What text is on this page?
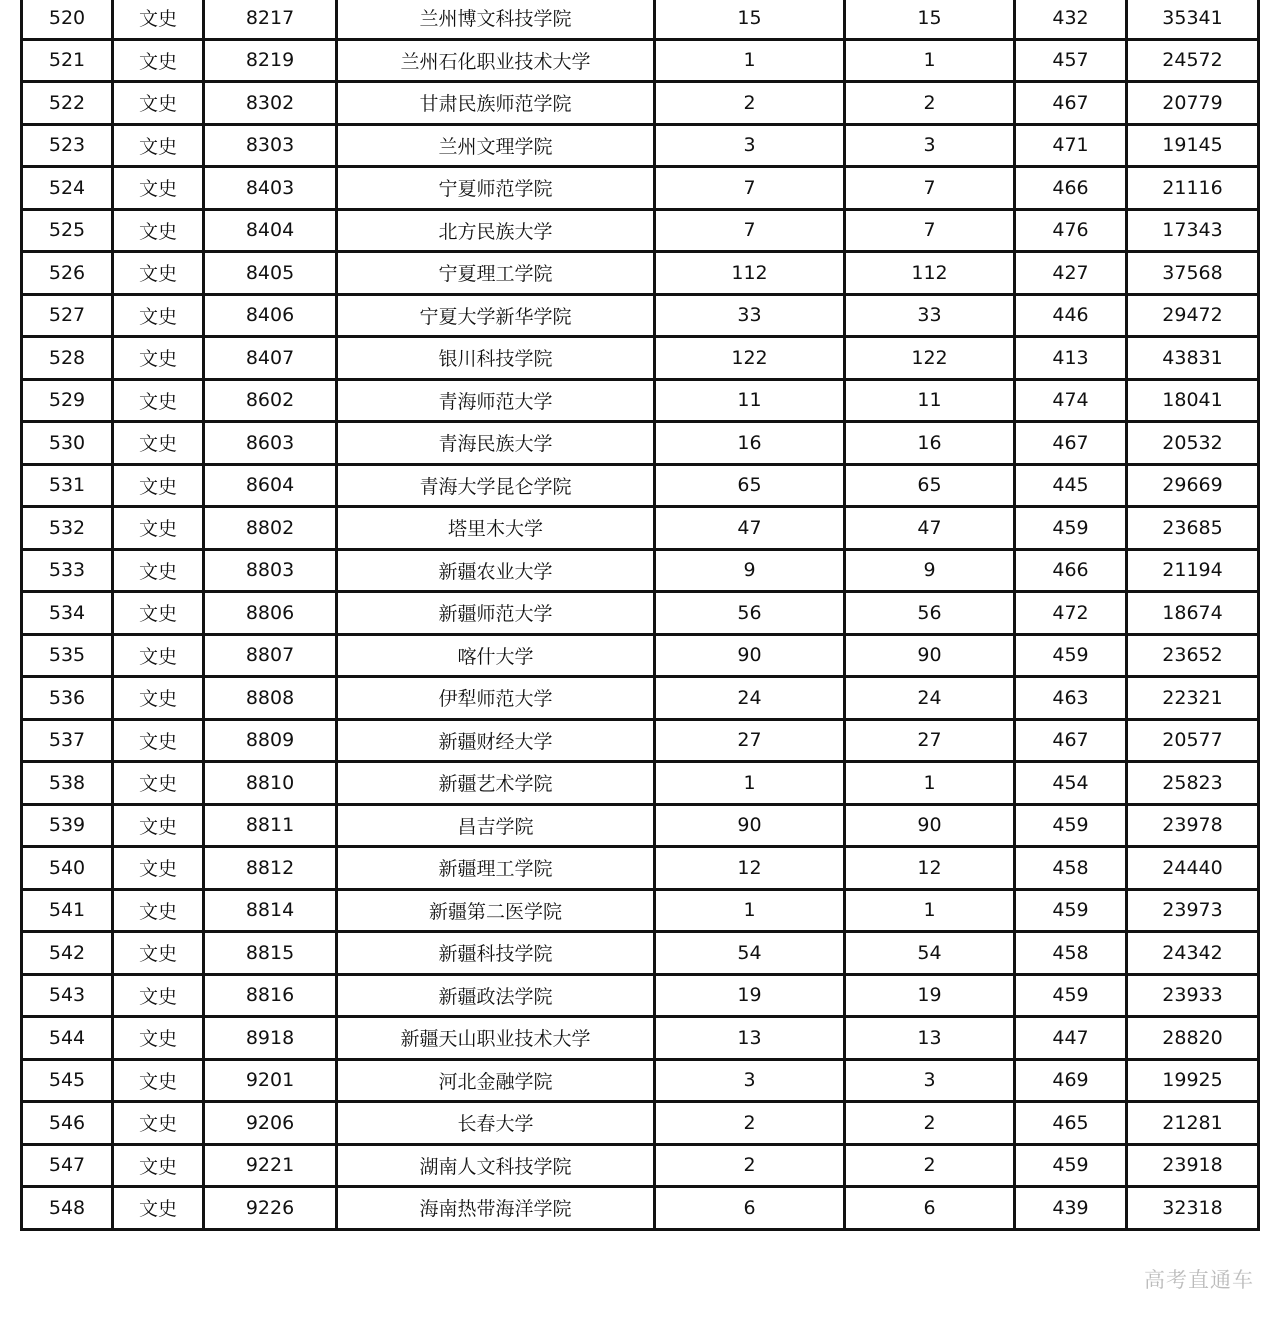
520	文史	8217	兰州博文科技学院	15	15	432	35341
521	文史	8219	兰州石化职业技术大学	1	1	457	24572
522	文史	8302	甘肃民族师范学院	2	2	467	20779
523	文史	8303	兰州文理学院	3	3	471	19145
524	文史	8403	宁夏师范学院	7	7	466	21116
525	文史	8404	北方民族大学	7	7	476	17343
526	文史	8405	宁夏理工学院	112	112	427	37568
527	文史	8406	宁夏大学新华学院	33	33	446	29472
528	文史	8407	银川科技学院	122	122	413	43831
529	文史	8602	青海师范大学	11	11	474	18041
530	文史	8603	青海民族大学	16	16	467	20532
531	文史	8604	青海大学昆仑学院	65	65	445	29669
532	文史	8802	塔里木大学	47	47	459	23685
533	文史	8803	新疆农业大学	9	9	466	21194
534	文史	8806	新疆师范大学	56	56	472	18674
535	文史	8807	喀什大学	90	90	459	23652
536	文史	8808	伊犁师范大学	24	24	463	22321
537	文史	8809	新疆财经大学	27	27	467	20577
538	文史	8810	新疆艺术学院	1	1	454	25823
539	文史	8811	昌吉学院	90	90	459	23978
540	文史	8812	新疆理工学院	12	12	458	24440
541	文史	8814	新疆第二医学院	1	1	459	23973
542	文史	8815	新疆科技学院	54	54	458	24342
543	文史	8816	新疆政法学院	19	19	459	23933
544	文史	8918	新疆天山职业技术大学	13	13	447	28820
545	文史	9201	河北金融学院	3	3	469	19925
546	文史	9206	长春大学	2	2	465	21281
547	文史	9221	湖南人文科技学院	2	2	459	23918
548	文史	9226	海南热带海洋学院	6	6	439	32318
高考直通车
